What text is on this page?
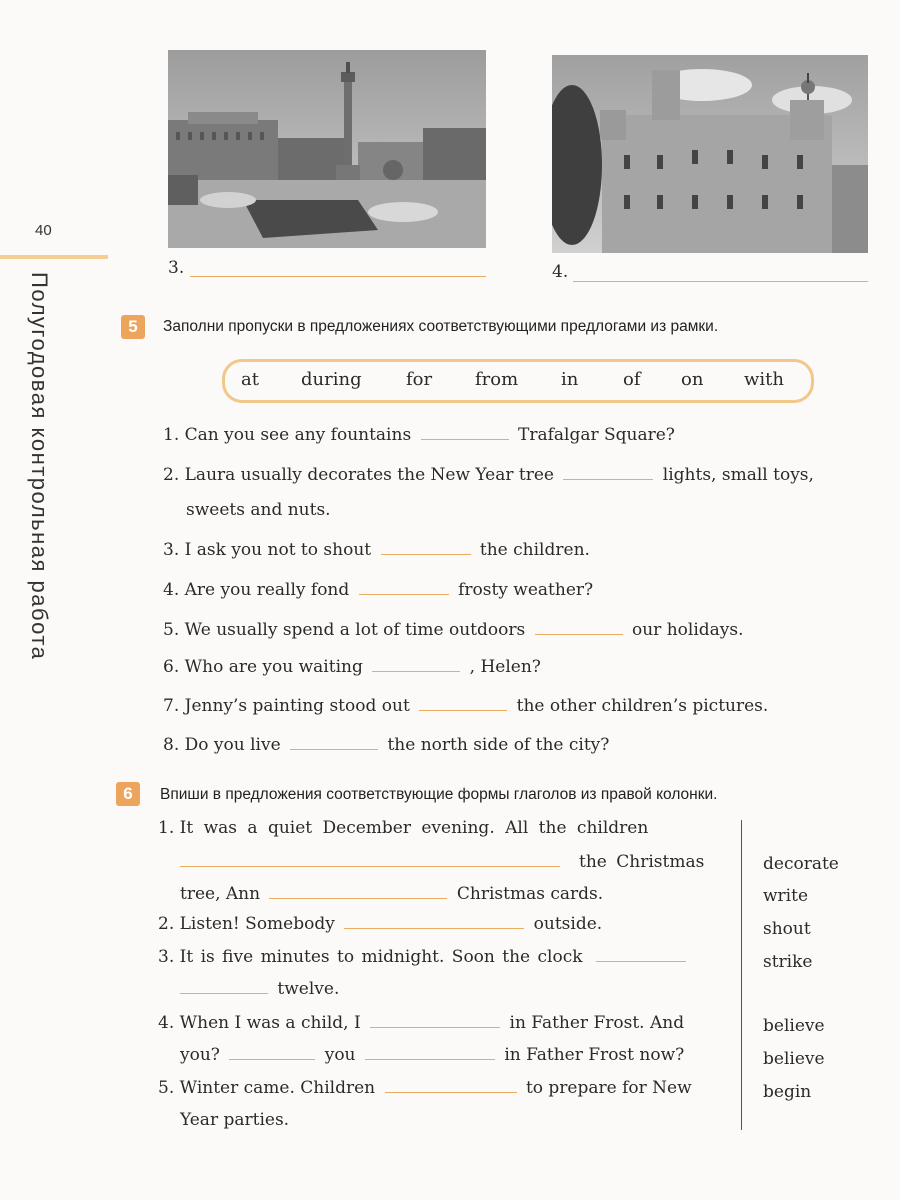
40
Полугодовая контрольная работа
3.	4.
5	Заполни пропуски в предложениях соответствующими предлогами из рамки.
at during for from in of on with
1. Can you see any fountains	Trafalgar Square?
2. Laura usually decorates the New Year tree	lights, small toys,
sweets and nuts.
3. I ask you not to shout	the children.
4. Are you really fond	frosty weather?
5. We usually spend a lot of time outdoors	our holidays.
6. Who are you waiting	, Helen?
7. Jenny’s painting stood out	the other children’s pictures.
8. Do you live	the north side of the city?
6	Впиши в предложения соответствующие формы глаголов из правой колонки.
1. It was a quiet December evening. All the children
the Christmas
tree, Ann	Christmas cards.
2. Listen! Somebody	outside.
3. It is five minutes to midnight. Soon the clock
twelve.
4. When I was a child, I	in Father Frost. And
you?	you	in Father Frost now?
5. Winter came. Children	to prepare for New
Year parties.
decorate
write
shout
strike
believe
believe
begin
